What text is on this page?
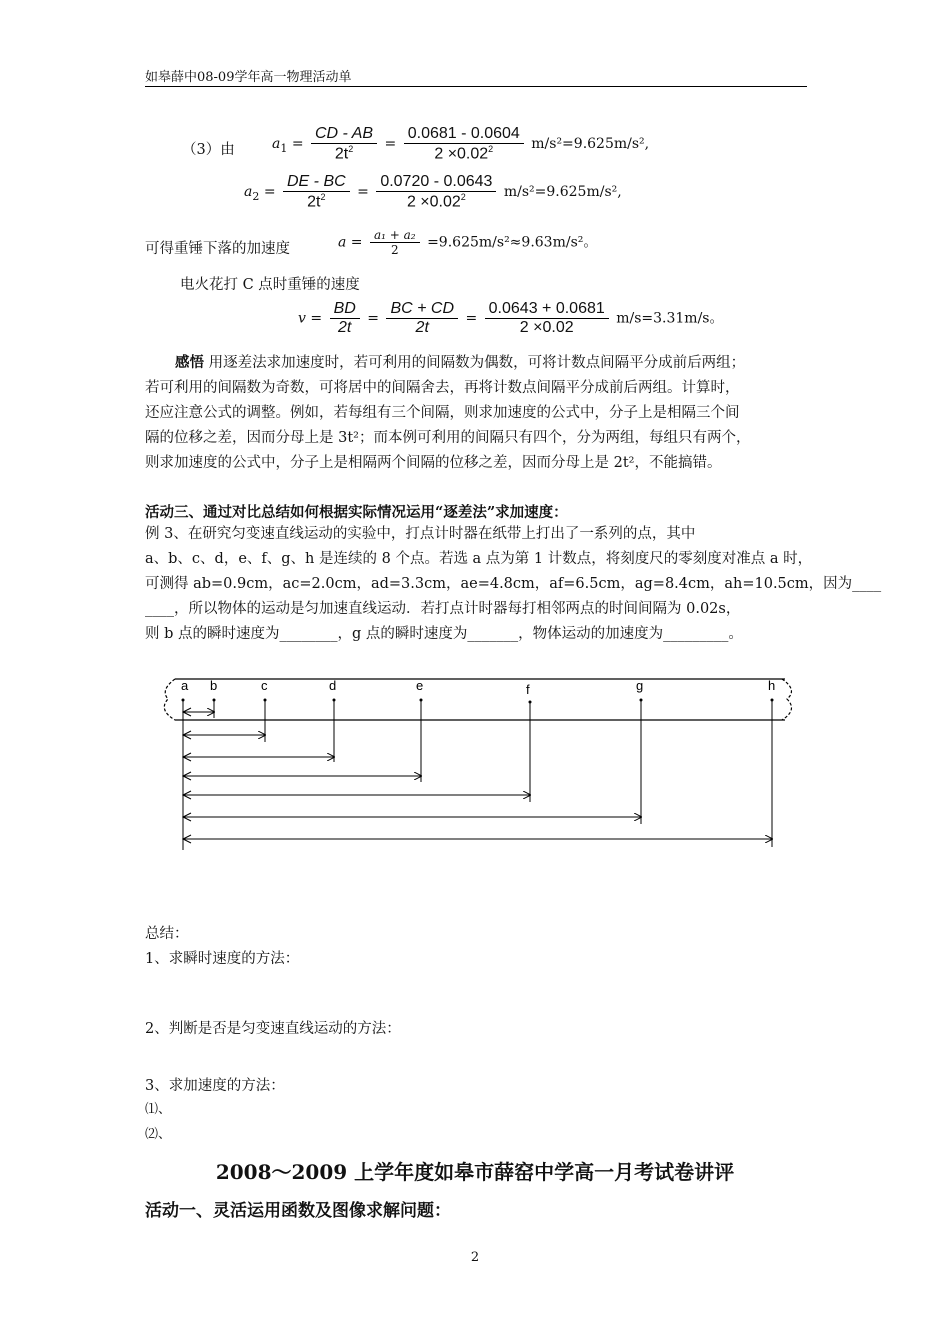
如皋薛中08-09学年高一物理活动单
（3）由	$a_1 = \frac{CD - AB}{2t^2} = \frac{0.0681 - 0.0604}{2 \times 0.02^2} m/s^2=9.625m/s^2$,
$a_2 = \frac{DE - BC}{2t^2} = \frac{0.0720 - 0.0643}{2 \times 0.02^2} m/s^2=9.625m/s^2$,
可得重锤下落的加速度	$a = \frac{\text{a₁ + a₂}}{2} =9.625m/s^2\approx 9.63m/s^2$。
电火花打 C 点时重锤的速度
$v = \frac{BD}{2t} = \frac{BC + CD}{2t} = \frac{0.0643 + 0.0681}{2 \times 0.02} m/s=3.31m/s$。
感悟 用逐差法求加速度时，若可利用的间隔数为偶数，可将计数点间隔平分成前后两组；
若可利用的间隔数为奇数，可将居中的间隔舍去，再将计数点间隔平分成前后两组。计算时，
还应注意公式的调整。例如，若每组有三个间隔，则求加速度的公式中，分子上是相隔三个间
隔的位移之差，因而分母上是 3t²；而本例可利用的间隔只有四个，分为两组，每组只有两个，
则求加速度的公式中，分子上是相隔两个间隔的位移之差，因而分母上是 2t²，不能搞错。
活动三、通过对比总结如何根据实际情况运用“逐差法”求加速度：
例 3、在研究匀变速直线运动的实验中，打点计时器在纸带上打出了一系列的点，其中
a、b、c、d，e、f、g、h 是连续的 8 个点。若选 a 点为第 1 计数点，将刻度尺的零刻度对准点 a 时，
可测得 ab=0.9cm，ac=2.0cm，ad=3.3cm，ae=4.8cm，af=6.5cm，ag=8.4cm，ah=10.5cm，因为____
____，所以物体的运动是匀加速直线运动．若打点计时器每打相邻两点的时间间隔为 0.02s，
则 b 点的瞬时速度为________，g 点的瞬时速度为_______，物体运动的加速度为_________。
a b	c	d	e	f	g	h
总结：
1、求瞬时速度的方法：
2、判断是否是匀变速直线运动的方法：
3、求加速度的方法：
⑴、
⑵、
2008～2009 上学年度如皋市薛窑中学高一月考试卷讲评
活动一、灵活运用函数及图像求解问题：
2
